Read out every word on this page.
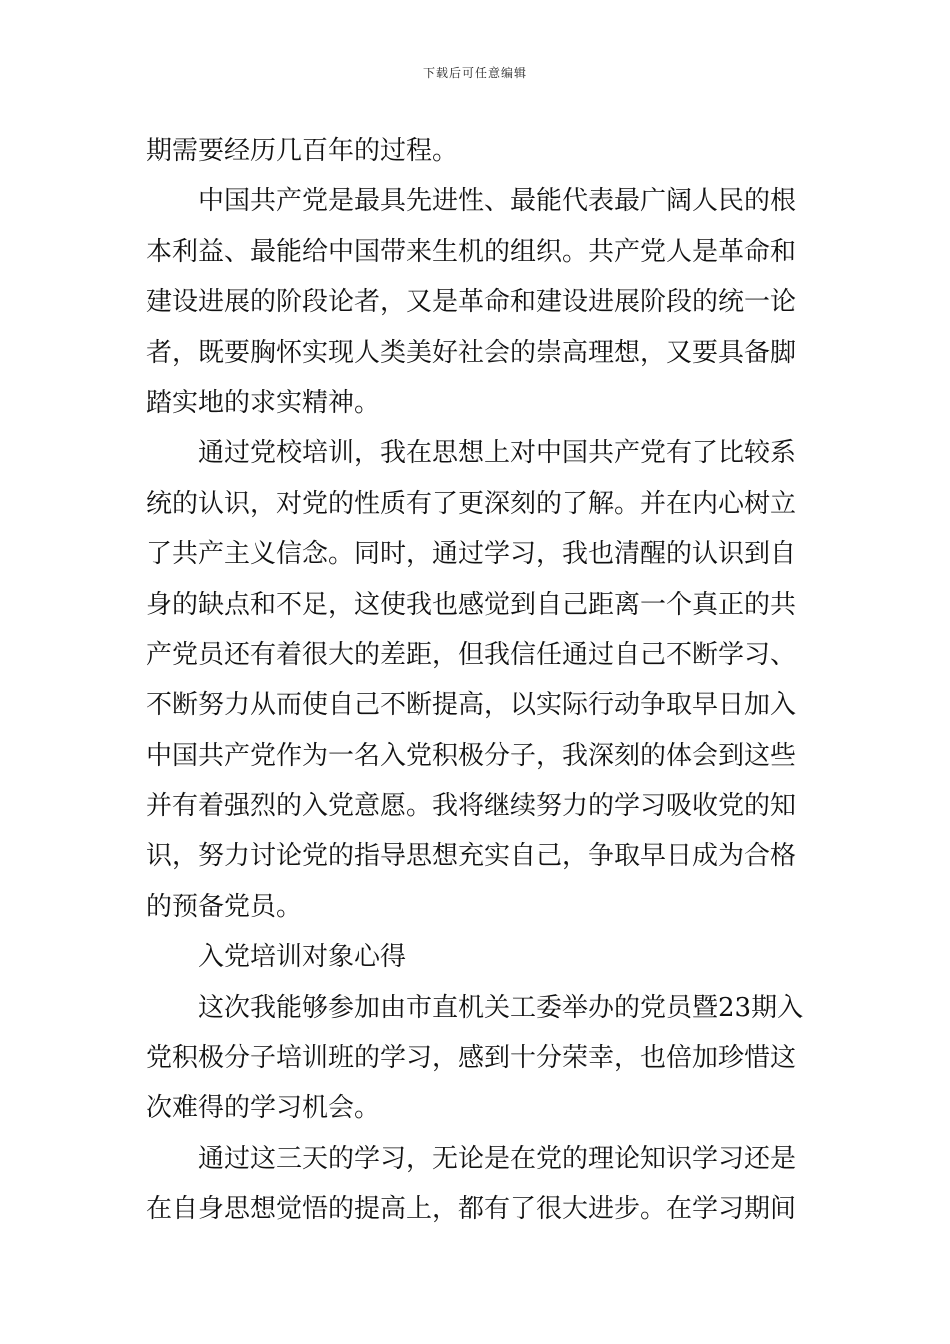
下载后可任意编辑
期需要经历几百年的过程。
中国共产党是最具先进性、最能代表最广阔人民的根
本利益、最能给中国带来生机的组织。共产党人是革命和
建设进展的阶段论者，又是革命和建设进展阶段的统一论
者，既要胸怀实现人类美好社会的崇高理想，又要具备脚
踏实地的求实精神。
通过党校培训，我在思想上对中国共产党有了比较系
统的认识，对党的性质有了更深刻的了解。并在内心树立
了共产主义信念。同时，通过学习，我也清醒的认识到自
身的缺点和不足，这使我也感觉到自己距离一个真正的共
产党员还有着很大的差距，但我信任通过自己不断学习、
不断努力从而使自己不断提高，以实际行动争取早日加入
中国共产党作为一名入党积极分子，我深刻的体会到这些
并有着强烈的入党意愿。我将继续努力的学习吸收党的知
识，努力讨论党的指导思想充实自己，争取早日成为合格
的预备党员。
入党培训对象心得
这次我能够参加由市直机关工委举办的党员暨23期入
党积极分子培训班的学习，感到十分荣幸，也倍加珍惜这
次难得的学习机会。
通过这三天的学习，无论是在党的理论知识学习还是
在自身思想觉悟的提高上，都有了很大进步。在学习期间
